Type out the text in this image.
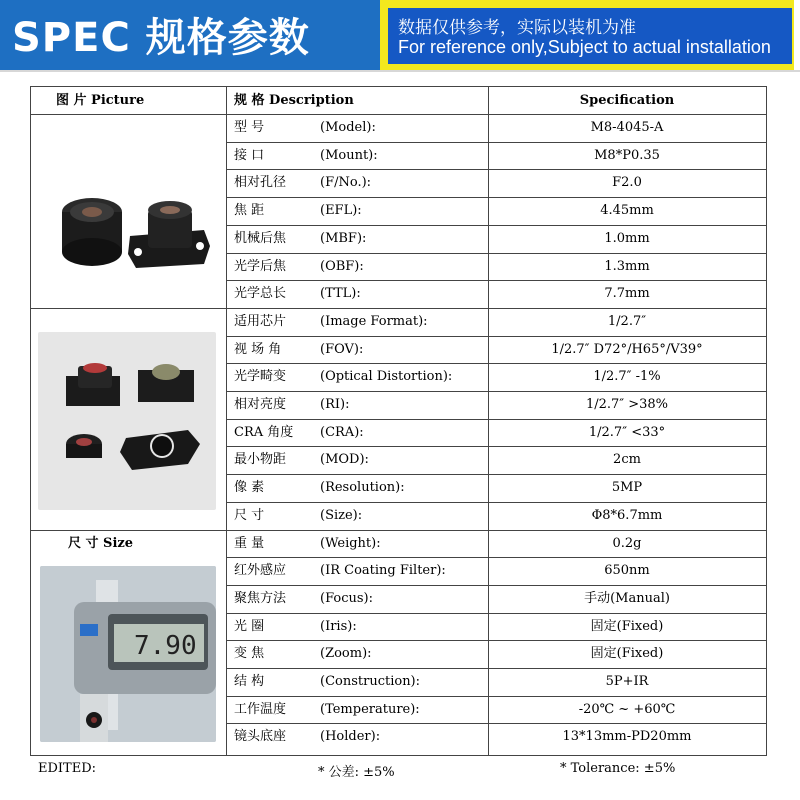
SPEC 规格参数	数据仅供参考，实际以装机为准
For reference only,Subject to actual installation
图 片 Picture	规 格 Description	Specification
尺 寸 Size
7.90
型 号	(Model):	M8-4045-A
接 口	(Mount):	M8*P0.35
相对孔径	(F/No.):	F2.0
焦 距	(EFL):	4.45mm
机械后焦	(MBF):	1.0mm
光学后焦	(OBF):	1.3mm
光学总长	(TTL):	7.7mm
适用芯片	(Image Format):	1/2.7″
视 场 角	(FOV):	1/2.7″ D72°/H65°/V39°
光学畸变	(Optical Distortion):	1/2.7″ -1%
相对亮度	(RI):	1/2.7″ >38%
CRA 角度 (CRA):	1/2.7″ <33°
最小物距	(MOD):	2cm
像 素	(Resolution):	5MP
尺 寸	(Size):	Φ8*6.7mm
重 量	(Weight):	0.2g
红外感应	(IR Coating Filter):	650nm
聚焦方法	(Focus):	手动(Manual)
光 圈	(Iris):	固定(Fixed)
变 焦	(Zoom):	固定(Fixed)
结 构	(Construction):	5P+IR
工作温度	(Temperature):	-20℃ ~ +60℃
镜头底座	(Holder):	13*13mm-PD20mm
EDITED:	* 公差: ±5%	* Tolerance: ±5%
